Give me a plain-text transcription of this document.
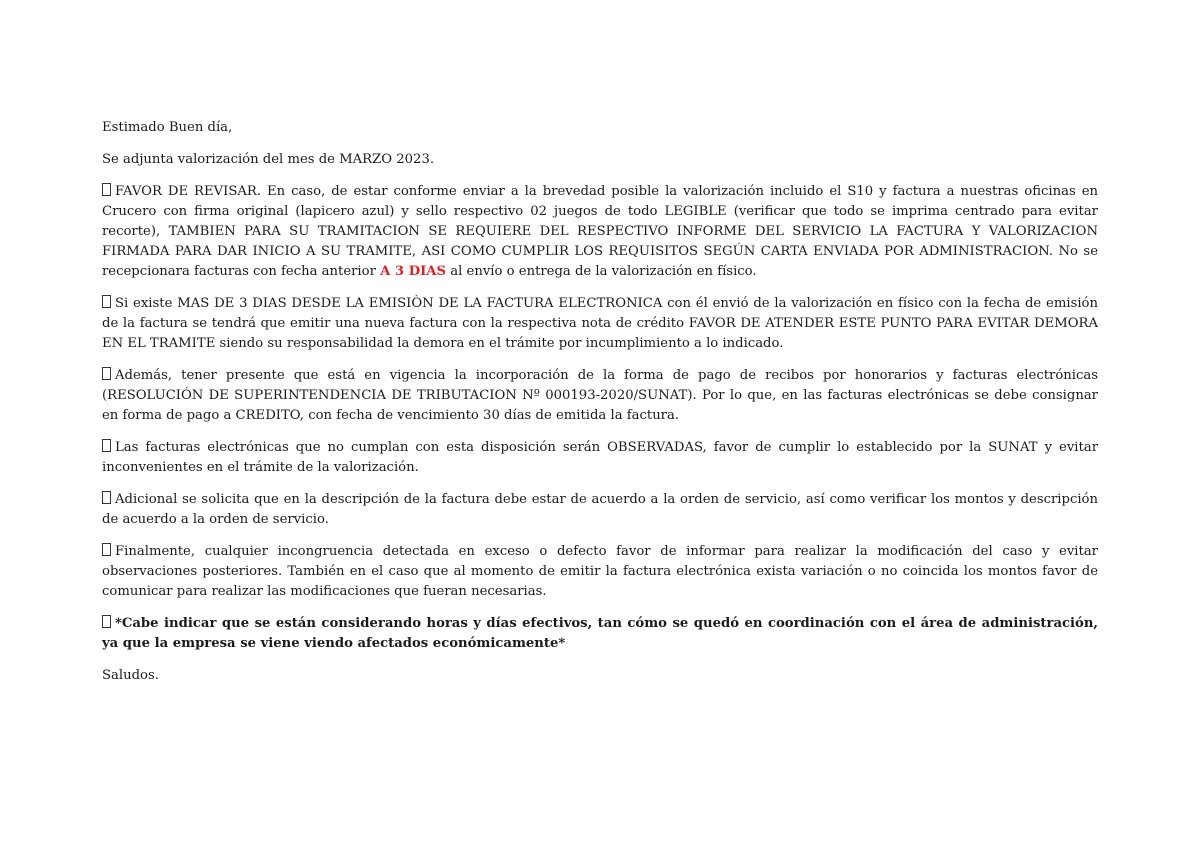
Estimado Buen día,

Se adjunta valorización del mes de MARZO 2023.

FAVOR DE REVISAR. En caso, de estar conforme enviar a la brevedad posible la valorización incluido el S10 y factura a nuestras oficinas en Crucero con firma original (lapicero azul) y sello respectivo 02 juegos de todo LEGIBLE (verificar que todo se imprima centrado para evitar recorte), TAMBIEN PARA SU TRAMITACION SE REQUIERE DEL RESPECTIVO INFORME DEL SERVICIO LA FACTURA Y VALORIZACION FIRMADA PARA DAR INICIO A SU TRAMITE, ASI COMO CUMPLIR LOS REQUISITOS SEGÚN CARTA ENVIADA POR ADMINISTRACION. No se recepcionara facturas con fecha anterior A 3 DIAS al envío o entrega de la valorización en físico.

Si existe MAS DE 3 DIAS DESDE LA EMISIÒN DE LA FACTURA ELECTRONICA con él envió de la valorización en físico con la fecha de emisión de la factura se tendrá que emitir una nueva factura con la respectiva nota de crédito FAVOR DE ATENDER ESTE PUNTO PARA EVITAR DEMORA EN EL TRAMITE siendo su responsabilidad la demora en el trámite por incumplimiento a lo indicado.

Además, tener presente que está en vigencia la incorporación de la forma de pago de recibos por honorarios y facturas electrónicas (RESOLUCIÓN DE SUPERINTENDENCIA DE TRIBUTACION Nº 000193-2020/SUNAT). Por lo que, en las facturas electrónicas se debe consignar en forma de pago a CREDITO, con fecha de vencimiento 30 días de emitida la factura.

Las facturas electrónicas que no cumplan con esta disposición serán OBSERVADAS, favor de cumplir lo establecido por la SUNAT y evitar inconvenientes en el trámite de la valorización.

Adicional se solicita que en la descripción de la factura debe estar de acuerdo a la orden de servicio, así como verificar los montos y descripción de acuerdo a la orden de servicio.

Finalmente, cualquier incongruencia detectada en exceso o defecto favor de informar para realizar la modificación del caso y evitar observaciones posteriores. También en el caso que al momento de emitir la factura electrónica exista variación o no coincida los montos favor de comunicar para realizar las modificaciones que fueran necesarias.

*Cabe indicar que se están considerando horas y días efectivos, tan cómo se quedó en coordinación con el área de administración, ya que la empresa se viene viendo afectados económicamente*

Saludos.
